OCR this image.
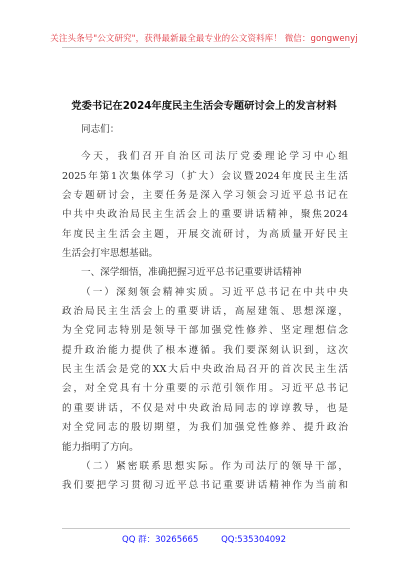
关注头条号"公文研究"，获得最新最全最专业的公文资料库！ 微信：gongwenyj
党委书记在2024年度民主生活会专题研讨会上的发言材料

同志们：

今天，我们召开自治区司法厅党委理论学习中心组
2025年第1次集体学习（扩大）会议暨2024年度民主生活
会专题研讨会，主要任务是深入学习领会习近平总书记在
中共中央政治局民主生活会上的重要讲话精神，聚焦2024
年度民主生活会主题，开展交流研讨，为高质量开好民主
生活会打牢思想基础。

一、深学细悟，准确把握习近平总书记重要讲话精神

（一）深刻领会精神实质。习近平总书记在中共中央
政治局民主生活会上的重要讲话，高屋建瓴、思想深邃，
为全党同志特别是领导干部加强党性修养、坚定理想信念
提升政治能力提供了根本遵循。我们要深刻认识到，这次
民主生活会是党的XX大后中央政治局召开的首次民主生活
会，对全党具有十分重要的示范引领作用。习近平总书记
的重要讲话，不仅是对中央政治局同志的谆谆教导，也是
对全党同志的殷切期望，为我们加强党性修养、提升政治
能力指明了方向。

（二）紧密联系思想实际。作为司法厅的领导干部，
我们要把学习贯彻习近平总书记重要讲话精神作为当前和

QQ 群：30265665	QQ:535304092
